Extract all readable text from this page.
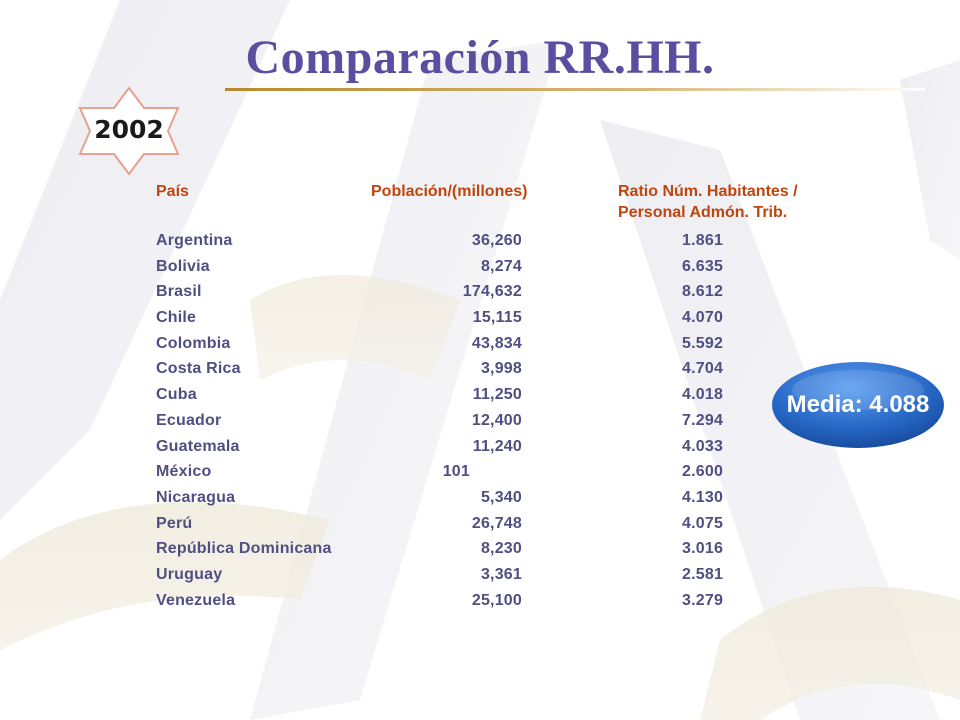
Comparación RR.HH.
2002
País	Población/(millones)	Ratio Núm. Habitantes /
Personal Admón. Trib.
Argentina	36,260	1.861
Bolivia	8,274	6.635
Brasil	174,632	8.612
Chile	15,115	4.070
Colombia	43,834	5.592
Costa Rica	3,998	4.704
Cuba	11,250	4.018
Ecuador	12,400	7.294
Guatemala	11,240	4.033
México	101	2.600
Nicaragua	5,340	4.130
Perú	26,748	4.075
República Dominicana	8,230	3.016
Uruguay	3,361	2.581
Venezuela	25,100	3.279
Media: 4.088
